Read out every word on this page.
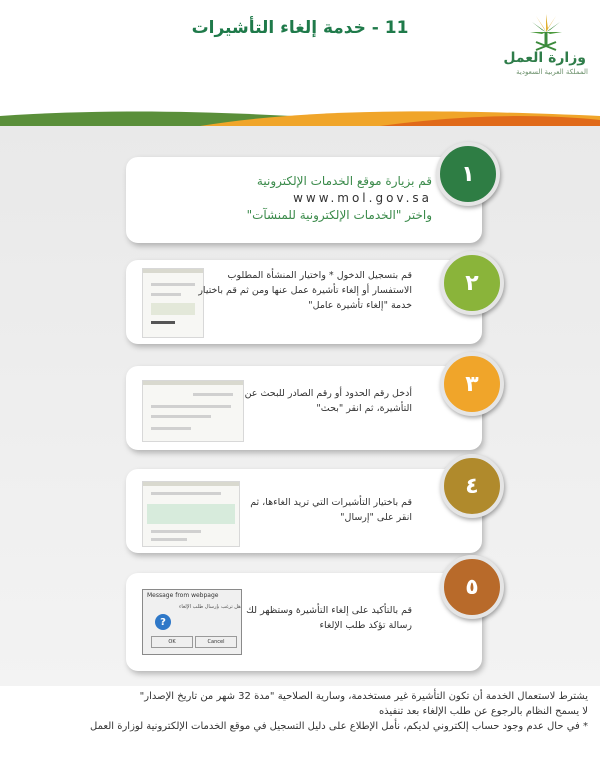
11 - خدمة إلغاء التأشيرات
وزارة العمل
المملكة العربية السعودية
قم بزيارة موقع الخدمات الإلكترونية
www.mol.gov.sa
واختر "الخدمات الإلكترونية للمنشآت"
١
قم بتسجيل الدخول * واختيار المنشأة المطلوب الاستفسار أو إلغاء تأشيرة عمل عنها ومن ثم قم باختيار خدمة "إلغاء تأشيرة عامل"
٢
أدخل رقم الحدود أو رقم الصادر للبحث عن التأشيرة، ثم انقر "بحث"
٣
قم باختيار التأشيرات التي تريد الغاءها، ثم انقر على "إرسال"
٤
Message from webpage
?
هل ترغب بإرسال طلب الإلغاء
OK	Cancel
قم بالتأكيد على إلغاء التأشيرة وستظهر لك رسالة تؤكد طلب الإلغاء
٥
يشترط لاستعمال الخدمة أن تكون التأشيرة غير مستخدمة، وسارية الصلاحية "مدة 32 شهر من تاريخ الإصدار"
لا يسمح النظام بالرجوع عن طلب الإلغاء بعد تنفيذه
* في حال عدم وجود حساب إلكتروني لديكم، نأمل الإطلاع على دليل التسجيل في موقع الخدمات الإلكترونية لوزارة العمل
